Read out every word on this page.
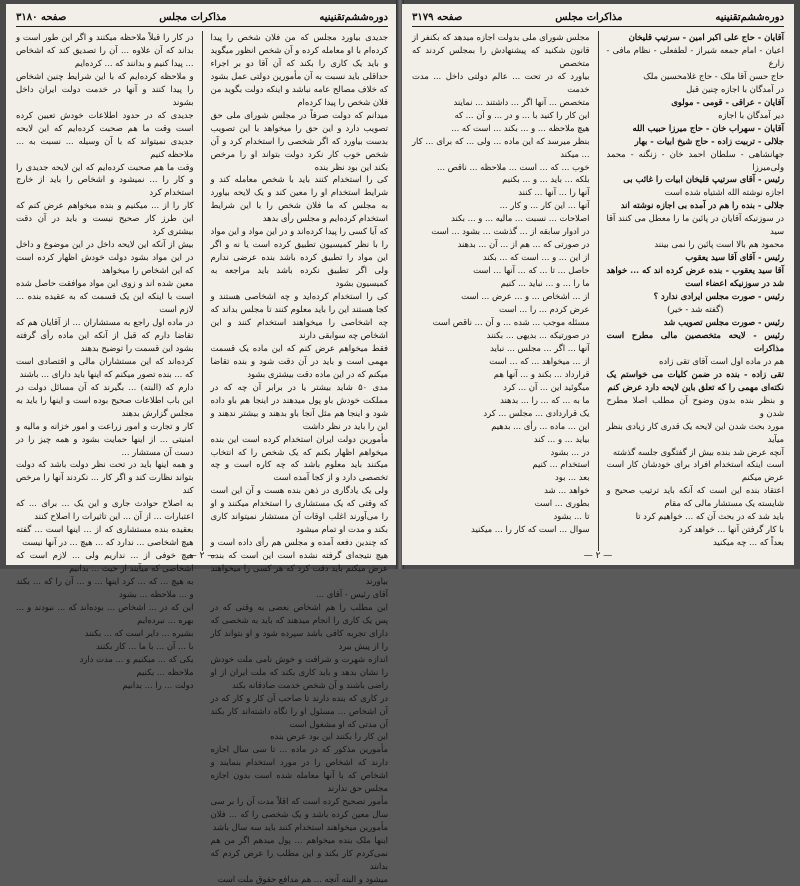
دوره‌ششم‌تقنینیه
مذاکرات مجلس
صفحه ۳۱۸۰

جدیدی بیاورد مجلس که من فلان شخص را پیدا کرده‌ام با او معامله کرده و آن شخص انظور میگوید و باید یک کاری را بکند که آن آقا دو بر اجراء حداقلی باید نسبت به آن مأمورین دولتی عمل بشود که خلاف مصالح عامه نباشد و اینکه دولت بگوید من فلان شخص را پیدا کرده‌ام

میدانم که دولت صرفاً در مجلس شورای ملی حق تصویب دارد و این حق را میخواهد با این تصویب بدست بیاورد که اگر شخصی را استخدام کرد و آن شخص خوب کار نکرد دولت بتواند او را مرخص بکند این بود نظر بنده

کی را استخدام کنند باید با شخص معامله کند و شرایط استخدام او را معین کند و یک لایحه بیاورد به مجلس که ما فلان شخص را با این شرایط استخدام کرده‌ایم و مجلس رأی بدهد

که آیا کسی را پیدا کرده‌اند و در این مواد و این مواد را با نظر کمیسیون تطبیق کرده است یا نه و اگر این مواد را تطبیق کرده باشد بنده عرضی ندارم ولی اگر تطبیق نکرده باشد باید مراجعه به کمیسیون بشود

کی را استخدام کرده‌اید و چه اشخاصی هستند و کجا هستند این را باید معلوم کنند تا مجلس بداند که چه اشخاصی را میخواهند استخدام کنند و این اشخاص چه سوابقی دارند

فقط میخواهم عرض کنم که این ماده یک قسمت مهمی است و باید در آن دقت شود و بنده تقاضا میکنم که در این ماده دقت بیشتری بشود

مدی ۵۰ شاید بیشتر یا در برابر آن چه که در مملکت خودش باو پول میدهند در اینجا هم باو داده شود و اینجا هم مثل آنجا باو بدهند و بیشتر ندهند و این را باید در نظر داشت

مأمورین دولت ایران استخدام کرده است این بنده میخواهم اظهار بکنم که یک شخص را که انتخاب میکنند باید معلوم باشد که چه کاره است و چه تخصصی دارد و از کجا آمده است

ولی یک یادگاری در ذهن بنده هست و آن این است که وقتی که یک مستشاری را استخدام میکنند و او را می‌آورند اغلب اوقات آن مستشار نمیتواند کاری بکند و مدت او تمام میشود

که چندین دفعه آمده و مجلس هم رأی داده است و هیچ نتیجه‌ای گرفته نشده است این است که بنده عرض میکنم باید دقت کرد که هر کسی را میخواهند بیاورند

آقای رئیس - آقای ...

این مطلب را هم اشخاص بعضی به وقتی که در پس یک کاری را انجام میدهند که باید به شخصی که دارای تجربه کافی باشد سپرده شود و او بتواند کار را از پیش ببرد

اندازه شهرت و شرافت و خوش نامی ملت خودش را نشان بدهد و باید کاری بکند که ملت ایران از او راضی باشند و آن شخص خدمت صادقانه بکند

در کاری که بنده دارند تا صاحب آن کار و کار که در آن اشخاص ... مسئول او را نگاه داشته‌اند کار بکند آن مدتی که او مشغول است

این کار را بکنند این بود عرض بنده

مأمورین مذکور که در ماده ... تا سی سال اجازه دارند که اشخاص را در مورد استخدام بنمایند و اشخاص که با آنها معامله شده است بدون اجازه مجلس حق ندارند

مأمور تصحیح کرده است که اقلاً مدت آن را بر سی سال معین کرده باشد و یک شخصی را که ... فلان مأمورین میخواهند استخدام کنند باید سه سال باشد

اینها ملک بنده میخواهم ... پول میدهم اگر من هم نمی‌کردم کار بکند و این مطلب را عرض کردم که بدانند

میشود و البته آنچه ... هم مدافع حقوق ملت است

در کار را قبلاً ملاحظه میکنند و اگر این طور است و بداند که آن علاوه ... آن را تصدیق کند که اشخاص ... پیدا کنیم و بدانند که ... کرده‌ایم

و ملاحظه کرده‌ایم که با این شرایط چنین اشخاص را پیدا کنند و آنها در خدمت دولت ایران داخل بشوند

جدیدی که در حدود اطلاعات خودش تعیین کرده است وقت ما هم صحبت کرده‌ایم که این لایحه جدیدی نمیتواند که با آن وسیله ... نسبت به ... ملاحظه کنیم

وقت ما هم صحبت کرده‌ایم که این لایحه جدیدی را و کار را ... نمیشود و اشخاص را باید از خارج استخدام کرد

کار را از ... میکنیم و بنده میخواهم عرض کنم که این طرز کار صحیح نیست و باید در آن دقت بیشتری کرد

بیش از آنکه این لایحه داخل در این موضوع و داخل در این مواد بشود دولت خودش اظهار کرده است که این اشخاص را میخواهد

معین شده اند و زوی این مواد موافقت حاصل شده است با اینکه این یک قسمت که به عقیده بنده ... لازم است

در ماده اول راجع به مستشاران ... از آقایان هم که تقاضا دارم که قبل از آنکه این ماده رأی گرفته بشود این قسمت را توضیح بدهند

کرده‌اند که این مستشاران مالی و اقتصادی است که ... بنده تصور میکنم که اینها باید دارای ... باشند

دارم که (البته) ... بگیرند که آن مسائل دولت در این باب اطلاعات صحیح بوده است و اینها را باید به مجلس گزارش بدهند

کار و تجارت و امور زراعت و امور خزانه و مالیه و امنیتی ... از اینها حمایت بشود و همه چیز را در دست آن مستشار ...

و همه اینها باید در تحت نظر دولت باشد که دولت بتواند نظارت کند و اگر کار ... نکردند آنها را مرخص کند

به اصلاح حوادث جاری و این یک ... برای ... که اعتبارات ... از آن ... این تاثیرات را اصلاح کنند

بعقیده بنده مستشاری که از ... اینها است ... گفته هیچ اشخاصی ... ندارد که ... هیچ ... در آنها نیست

هیچ خوفی از ... نداریم ولی ... لازم است که اشخاصی که میآیند از حیث ... بدانیم

به هیچ ... که ... کرد اینها ... و ... آن را که ... بکند و ... ملاحظه ... بشود

این که در ... اشخاص ... بوده‌اند که ... نبودند و ... بهره ... نبرده‌ایم

بشیره ... دایر است که ... بکنند

با ... آن ... با ما ... کار بکنند

یکی که ... میکنیم و ... مدت دارد

ملاحظه ... بکنیم

دولت ... را ... بدانیم

— ۲ —
دوره‌ششم‌تقنینیه
مذاکرات مجلس
صفحه ۳۱۷۹

آقایان - حاج علی اکبر امین - سرتیپ قلیخان

اعیان - امام جمعه شیراز - لطفعلی - نظام مافی - زارع

حاج حسن آقا ملک - حاج غلامحسین ملک

در آمدگان با اجازه چنین قبل

آقایان - عراقی - قومی - مولوی

دیر آمدگان با اجازه

آقایان - سهراب خان - حاج میرزا حبیب الله

جلالی - تربیت زاده - حاج شیخ ابیات - بهار

جهانشاهی - سلطان احمد خان - زنگنه - محمد ولی‌میرزا

رئیس - آقای سرتیپ قلیخان ابیات را غائب بی

اجازه نوشته الله اشتیاه شده است

جلالی - بنده را هم در آمده بی اجازه نوشته اند

در سوزنیکه آقایان در پائین ما را معطل می کنند آقا سید

محمود هم بالا است پائین را نمی بینند

رئیس - آقای آقا سید یعقوب

آقا سید یعقوب - بنده عرض کرده اند که ... خواهد شد در سوزنیکه اعضاء است

رئیس - صورت مجلس ایرادی ندارد ؟

(گفته شد - خیر)

رئیس - صورت مجلس تصویب شد

رئیس - لایحه متخصصین مالی مطرح است مذاکرات

هم در ماده اول است آقای تقی زاده

تقی زاده - بنده در ضمن کلیات می خواستم یک نکته‌ای مهمی را که تعلق باین لایحه دارد عرض کنم

و بنظر بنده بدون وضوح آن مطلب اصلا مطرح شدن و

مورد بحث شدن این لایحه یک قدری کار زیادی بنظر میآید

آنچه عرض شد بنده بیش از گفتگوی جلسه گذشته

است اینکه استخدام افراد برای خودشان کار است عرض میکنم

اعتقاد بنده این است که آنکه باید ترتیب صحیح و شایسته یک مستشار مالی که مقام

باید شد که در بحث آن که ... خواهیم کرد تا

با کار گرفتن آنها ... خواهد کرد

بعداً که ... چه میکنید

مجلس شورای ملی بدولت اجازه میدهد که بکنفر از قانون شکنید که پیشنهادش را بمجلس کردند که متخصص

بیاورد که در تحت ... عالم دولتی داخل ... مدت خدمت

متخصص ... آنها اگر ... داشتند ... نمایند

این کار را کنید با ... و در ... و آن ... که

هیچ ملاحظه ... و ... بکند ... است که ...

بنظر میرسد که این ماده ... ولی ... که برای ... کار ... میکند

خوب ... که ... است ... ملاحظه ... ناقص ...

بلکه ... باید ... و ... بکنیم

آنها را ... آنها ... کنند

آنها ... این کار ... و کار ...

اصلاحات ... نسبت ... مالیه ... و ... بکند

در ادوار سابقه از ... گذشت ... بشود ... است

در صورتی که ... هم از ... آن ... بدهند

از این ... و ... است که ... بکند

حاصل ... تا ... که ... آنها ... است

ما را ... و ... نباید ... کنیم

از ... اشخاص ... و ... عرض ... است

عرض کردم ... را ... است

مسئله موجب ... شده ... و آن ... ناقص است

در صورتیکه ... بدیهی ... بکنند

آنها ... اگر ... مجلس ... نباید

از ... میخواهد ... که ... است

قرارداد ... بکند و ... آنها هم

میگوئید این ... آن ... کرد

ما به ... که ... را ... بدهند

یک قراردادی ... مجلس ... کرد

این ... ماده ... رأی ... بدهیم

بیاید ... و ... کند

در ... بشود

استخدام ... کنیم

بعد ... بود

خواهد ... شد

بطوری ... است

تا ... بشود

سوال ... است که کار را ... میکنید

— ۲ —
